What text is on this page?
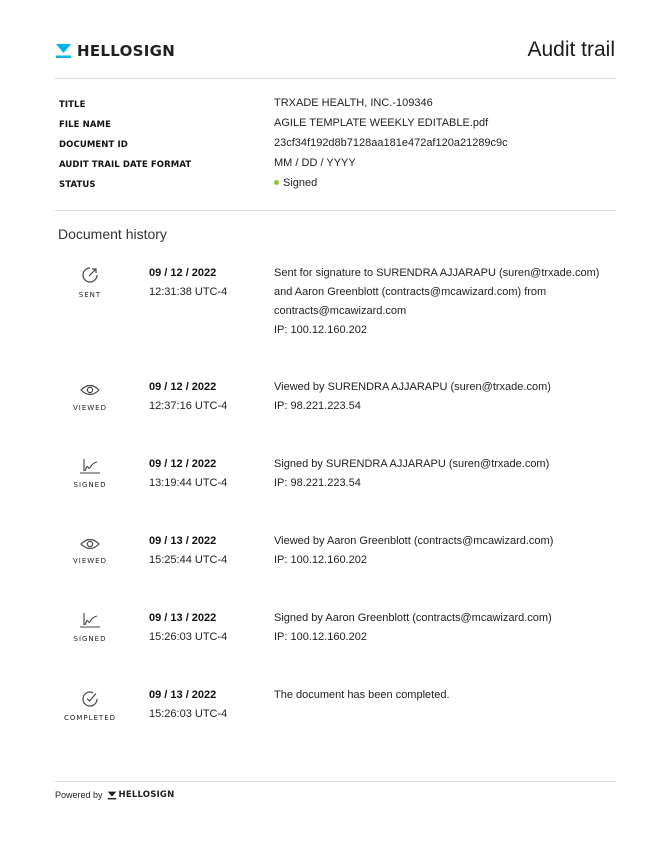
HELLOSIGN	Audit trail
TITLE	TRXADE HEALTH, INC.-109346
FILE NAME	AGILE TEMPLATE WEEKLY EDITABLE.pdf
DOCUMENT ID	23cf34f192d8b7128aa181e472af120a21289c9c
AUDIT TRAIL DATE FORMAT	MM / DD / YYYY
STATUS	Signed
Document history
SENT
09 / 12 / 2022
12:31:38 UTC-4
Sent for signature to SURENDRA AJJARAPU (suren@trxade.com)
and Aaron Greenblott (contracts@mcawizard.com) from
contracts@mcawizard.com
IP: 100.12.160.202
VIEWED
09 / 12 / 2022
12:37:16 UTC-4
Viewed by SURENDRA AJJARAPU (suren@trxade.com)
IP: 98.221.223.54
SIGNED
09 / 12 / 2022
13:19:44 UTC-4
Signed by SURENDRA AJJARAPU (suren@trxade.com)
IP: 98.221.223.54
VIEWED
09 / 13 / 2022
15:25:44 UTC-4
Viewed by Aaron Greenblott (contracts@mcawizard.com)
IP: 100.12.160.202
SIGNED
09 / 13 / 2022
15:26:03 UTC-4
Signed by Aaron Greenblott (contracts@mcawizard.com)
IP: 100.12.160.202
COMPLETED
09 / 13 / 2022
15:26:03 UTC-4
The document has been completed.
Powered by HELLOSIGN
